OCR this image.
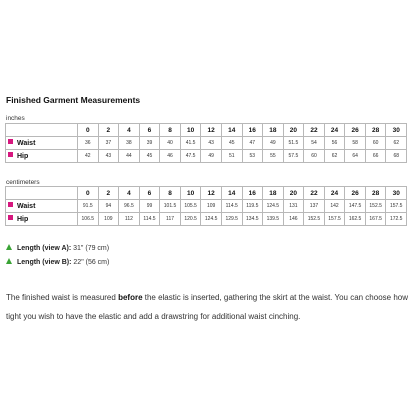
Finished Garment Measurements
inches
	0	2	4	6	8	10	12	14	16	18	20	22	24	26	28	30
Waist	36	37	38	39	40	41.5	43	45	47	49	51.5	54	56	58	60	62
Hip	42	43	44	45	46	47.5	49	51	53	55	57.5	60	62	64	66	68
centimeters
	0	2	4	6	8	10	12	14	16	18	20	22	24	26	28	30
Waist	91.5	94	96.5	99	101.5	105.5	109	114.5	119.5	124.5	131	137	142	147.5	152.5	157.5
Hip	106.5	109	112	114.5	117	120.5	124.5	129.5	134.5	139.5	146	152.5	157.5	162.5	167.5	172.5
Length (view A): 31" (79 cm)
Length (view B): 22" (56 cm)

The finished waist is measured before the elastic is inserted, gathering the skirt at the waist. You can choose how tight you wish to have the elastic and add a drawstring for additional waist cinching.
